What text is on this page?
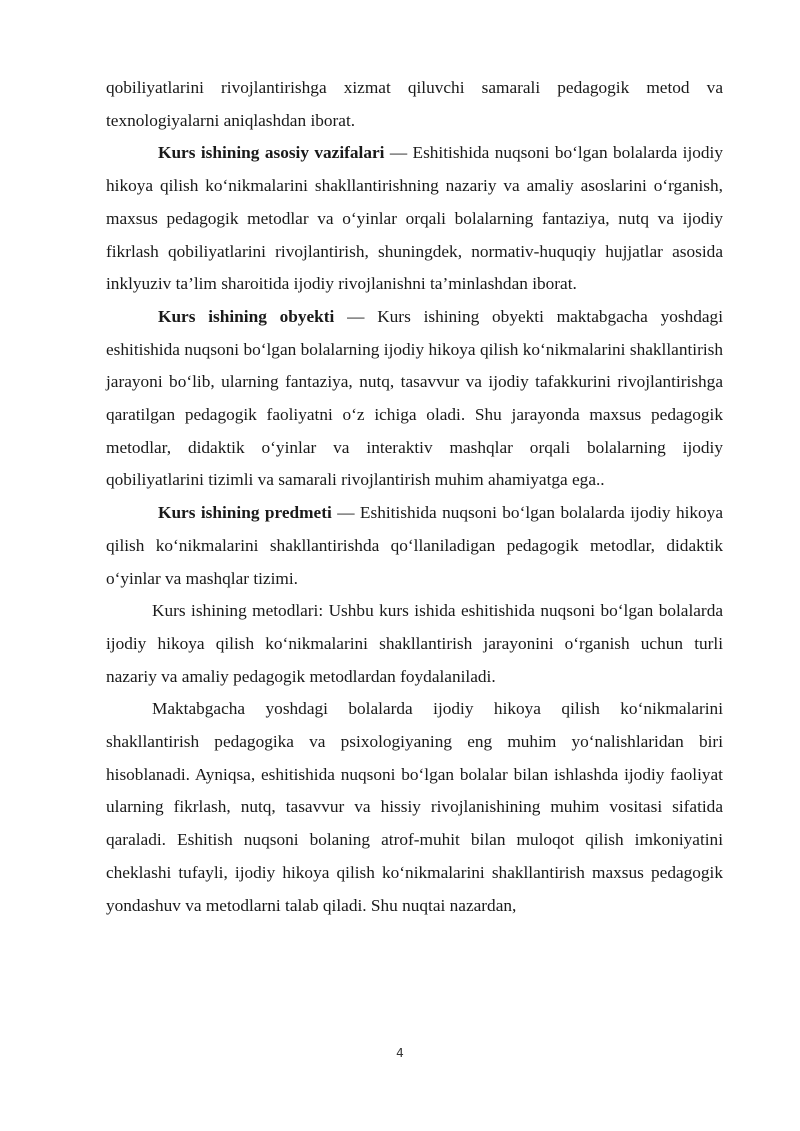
qobiliyatlarini rivojlantirishga xizmat qiluvchi samarali pedagogik metod va texnologiyalarni aniqlashdan iborat.

Kurs ishining asosiy vazifalari — Eshitishida nuqsoni bo‘lgan bolalarda ijodiy hikoya qilish ko‘nikmalarini shakllantirishning nazariy va amaliy asoslarini o‘rganish, maxsus pedagogik metodlar va o‘yinlar orqali bolalarning fantaziya, nutq va ijodiy fikrlash qobiliyatlarini rivojlantirish, shuningdek, normativ-huquqiy hujjatlar asosida inklyuziv ta’lim sharoitida ijodiy rivojlanishni ta’minlashdan iborat.

Kurs ishining obyekti — Kurs ishining obyekti maktabgacha yoshdagi eshitishida nuqsoni bo‘lgan bolalarning ijodiy hikoya qilish ko‘nikmalarini shakllantirish jarayoni bo‘lib, ularning fantaziya, nutq, tasavvur va ijodiy tafakkurini rivojlantirishga qaratilgan pedagogik faoliyatni o‘z ichiga oladi. Shu jarayonda maxsus pedagogik metodlar, didaktik o‘yinlar va interaktiv mashqlar orqali bolalarning ijodiy qobiliyatlarini tizimli va samarali rivojlantirish muhim ahamiyatga ega..

Kurs ishining predmeti — Eshitishida nuqsoni bo‘lgan bolalarda ijodiy hikoya qilish ko‘nikmalarini shakllantirishda qo‘llaniladigan pedagogik metodlar, didaktik o‘yinlar va mashqlar tizimi.

Kurs ishining metodlari: Ushbu kurs ishida eshitishida nuqsoni bo‘lgan bolalarda ijodiy hikoya qilish ko‘nikmalarini shakllantirish jarayonini o‘rganish uchun turli nazariy va amaliy pedagogik metodlardan foydalaniladi.

Maktabgacha yoshdagi bolalarda ijodiy hikoya qilish ko‘nikmalarini shakllantirish pedagogika va psixologiyaning eng muhim yo‘nalishlaridan biri hisoblanadi. Ayniqsa, eshitishida nuqsoni bo‘lgan bolalar bilan ishlashda ijodiy faoliyat ularning fikrlash, nutq, tasavvur va hissiy rivojlanishining muhim vositasi sifatida qaraladi. Eshitish nuqsoni bolaning atrof-muhit bilan muloqot qilish imkoniyatini cheklashi tufayli, ijodiy hikoya qilish ko‘nikmalarini shakllantirish maxsus pedagogik yondashuv va metodlarni talab qiladi. Shu nuqtai nazardan,

4
